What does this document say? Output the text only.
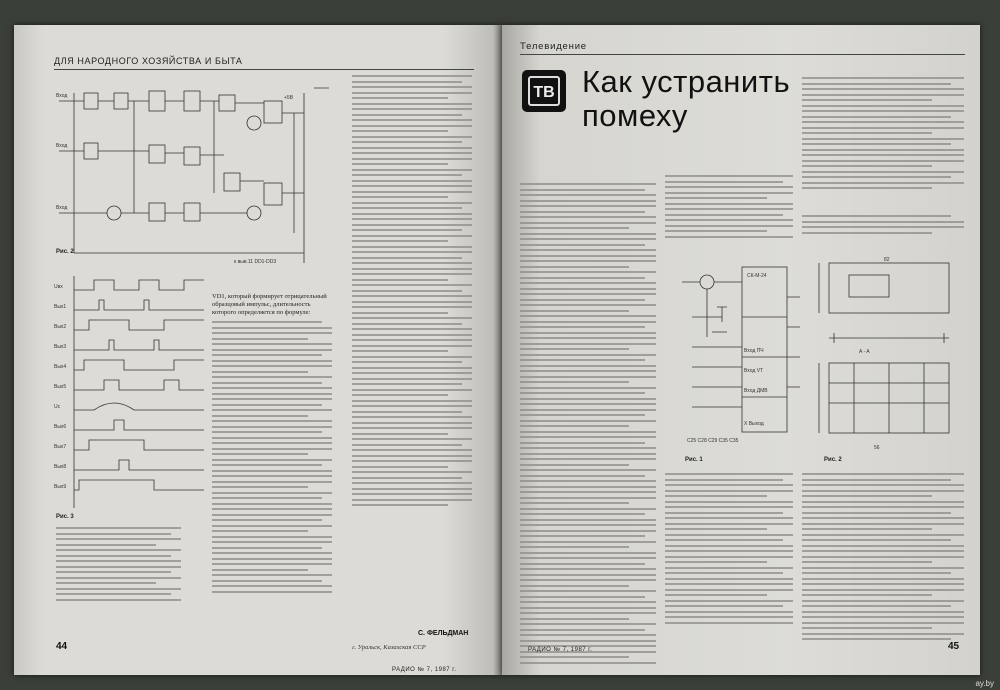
ДЛЯ НАРОДНОГО ХОЗЯЙСТВА И БЫТА
Вход
Вход
Вход
+5В
к выв.11 DD1-DD3
Рис. 2
Uвх
Вых1
Вых2
Вых3
Вых4
Вых5
Uc
Вых6
Вых7
Вых8
Вых9
Рис. 3
VD1, который формирует отрицательный образцовый импульс, длительность которого определяется по формуле:
г. Уральск, Казахская ССР
С. ФЕЛЬДМАН
44
РАДИО № 7, 1987 г.
Телевидение
ТВ Как устранить
помеху
СК-М-24
Вход ПЧ
Вход VT
Вход ДМВ
Х Выход
С25 С28 С29 С35 С35
Рис. 1
82
A - A
56
Рис. 2
РАДИО № 7, 1987 г.	45
ay.by
